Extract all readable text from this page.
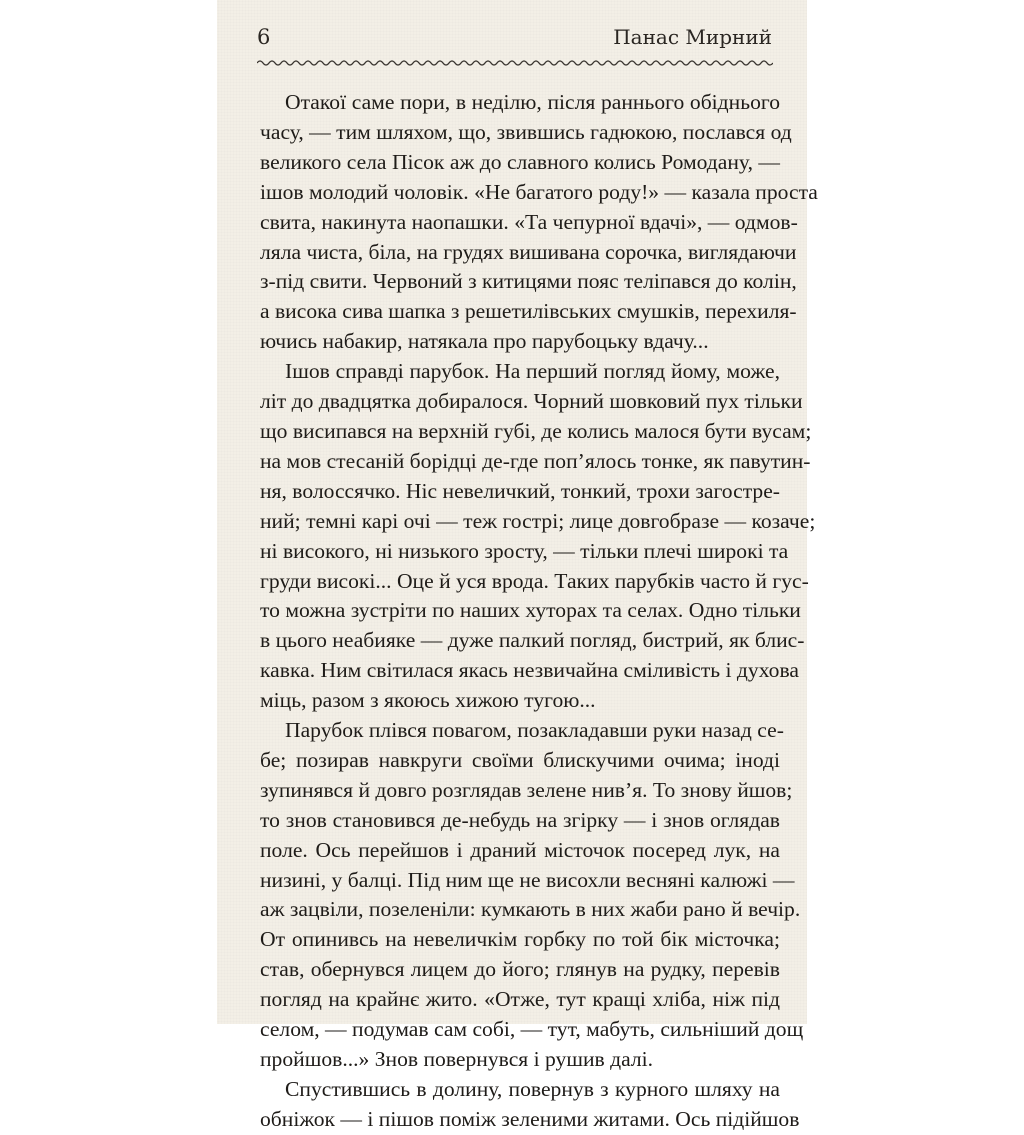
6	Панас Мирний
Отакої саме пори, в неділю, після раннього обіднього
часу, — тим шляхом, що, звившись гадюкою, послався од
великого села Пісок аж до славного колись Ромодану, —
ішов молодий чоловік. «Не багатого роду!» — казала проста
свита, накинута наопашки. «Та чепурної вдачі», — одмов-
ляла чиста, біла, на грудях вишивана сорочка, виглядаючи
з-під свити. Червоний з китицями пояс теліпався до колін,
а висока сива шапка з решетилівських смушків, перехиля-
ючись набакир, натякала про парубоцьку вдачу...
Ішов справді парубок. На перший погляд йому, може,
літ до двадцятка добиралося. Чорний шовковий пух тільки
що висипався на верхній губі, де колись малося бути вусам;
на мов стесаній борідці де-где поп’ялось тонке, як павутин-
ня, волоссячко. Ніс невеличкий, тонкий, трохи загостре-
ний; темні карі очі — теж гострі; лице довгобразе — козаче;
ні високого, ні низького зросту, — тільки плечі широкі та
груди високі... Оце й уся врода. Таких парубків часто й гус-
то можна зустріти по наших хуторах та селах. Одно тільки
в цього неабияке — дуже палкий погляд, бистрий, як блис-
кавка. Ним світилася якась незвичайна сміливість і духова
міць, разом з якоюсь хижою тугою...
Парубок плівся повагом, позакладавши руки назад се-
бе; позирав навкруги своїми блискучими очима; іноді
зупинявся й довго розглядав зелене нив’я. То знову йшов;
то знов становився де-небудь на згірку — і знов оглядав
поле. Ось перейшов і драний місточок посеред лук, на
низині, у балці. Під ним ще не висохли весняні калюжі —
аж зацвіли, позеленіли: кумкають в них жаби рано й вечір.
От опинивсь на невеличкім горбку по той бік місточка;
став, обернувся лицем до його; глянув на рудку, перевів
погляд на крайнє жито. «Отже, тут кращі хліба, ніж під
селом, — подумав сам собі, — тут, мабуть, сильніший дощ
пройшов...» Знов повернувся і рушив далі.
Спустившись в долину, повернув з курного шляху на
обніжок — і пішов поміж зеленими житами. Ось підійшов
